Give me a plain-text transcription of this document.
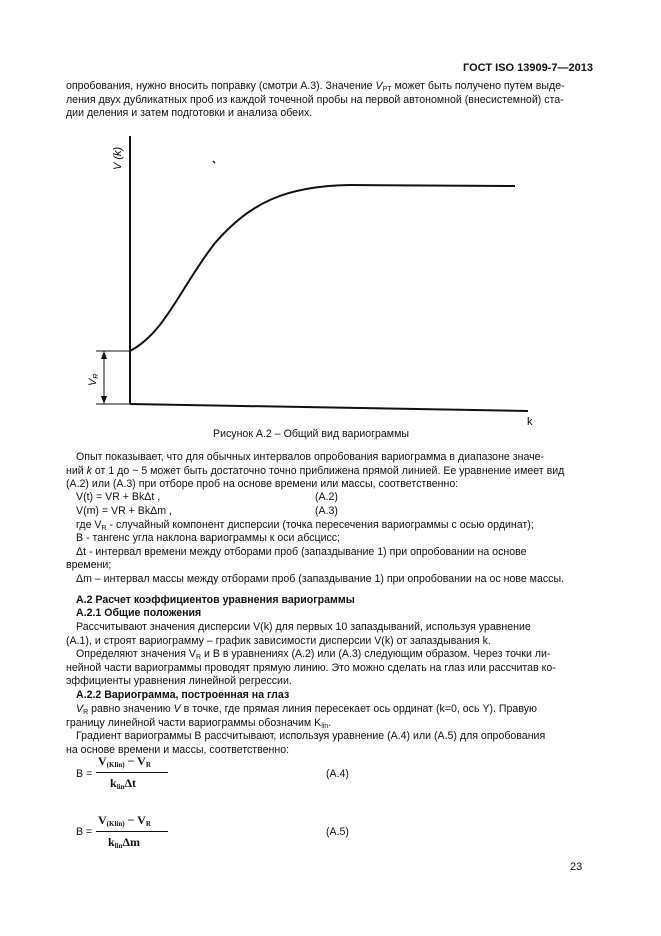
ГОСТ ISO 13909-7—2013
опробования, нужно вносить поправку (смотри А.3). Значение $V_{PT}$ может быть получено путем выде-
ления двух дубликатных проб из каждой точечной пробы на первой автономной (внесистемной) ста-
дии деления и затем подготовки и анализа обеих.
V (k)
VR
k
Рисунок А.2 – Общий вид вариограммы
Опыт показывает, что для обычных интервалов опробования вариограмма в диапазоне значе-
ний k от 1 до ~ 5 может быть достаточно точно приближена прямой линией. Ее уравнение имеет вид
(А.2) или (А.3) при отборе проб на основе времени или массы, соответственно:
V(t) = VR + BkΔt ,	(А.2)
V(m) = VR + BkΔm ,	(А.3)
где $V_R$ - случайный компонент дисперсии (точка пересечения вариограммы с осью ординат);
В - тангенс угла наклона вариограммы к оси абсцисс;
Δt - интервал времени между отборами проб (запаздывание 1) при опробовании на основе
времени;
Δm – интервал массы между отборами проб (запаздывание 1) при опробовании на ос нове массы.
А.2 Расчет коэффициентов уравнения вариограммы
А.2.1 Общие положения
Рассчитывают значения дисперсии V(k) для первых 10 запаздываний, используя уравнение
(А.1), и строят вариограмму – график зависимости дисперсии V(k) от запаздывания k.
Определяют значения $V_R$ и В в уравнениях (А.2) или (А.3) следующим образом. Через точки ли-
нейной части вариограммы проводят прямую линию. Это можно сделать на глаз или рассчитав ко-
эффициенты уравнения линейной регрессии.
А.2.2 Вариограмма, построенная на глаз
$V_R$ равно значению V в точке, где прямая линия пересекает ось ординат (k=0, ось Y). Правую
границу линейной части вариограммы обозначим $K_{lin}$.
Градиент вариограммы В рассчитывают, используя уравнение (А.4) или (А.5) для опробования
на основе времени и массы, соответственно:
В =
$V_{(Klin)} - V_R$
$k_{lin}\Delta t$
(А.4)
В =
$V_{(Klin)} - V_R$
$k_{lin}\Delta m$
(А.5)
23
